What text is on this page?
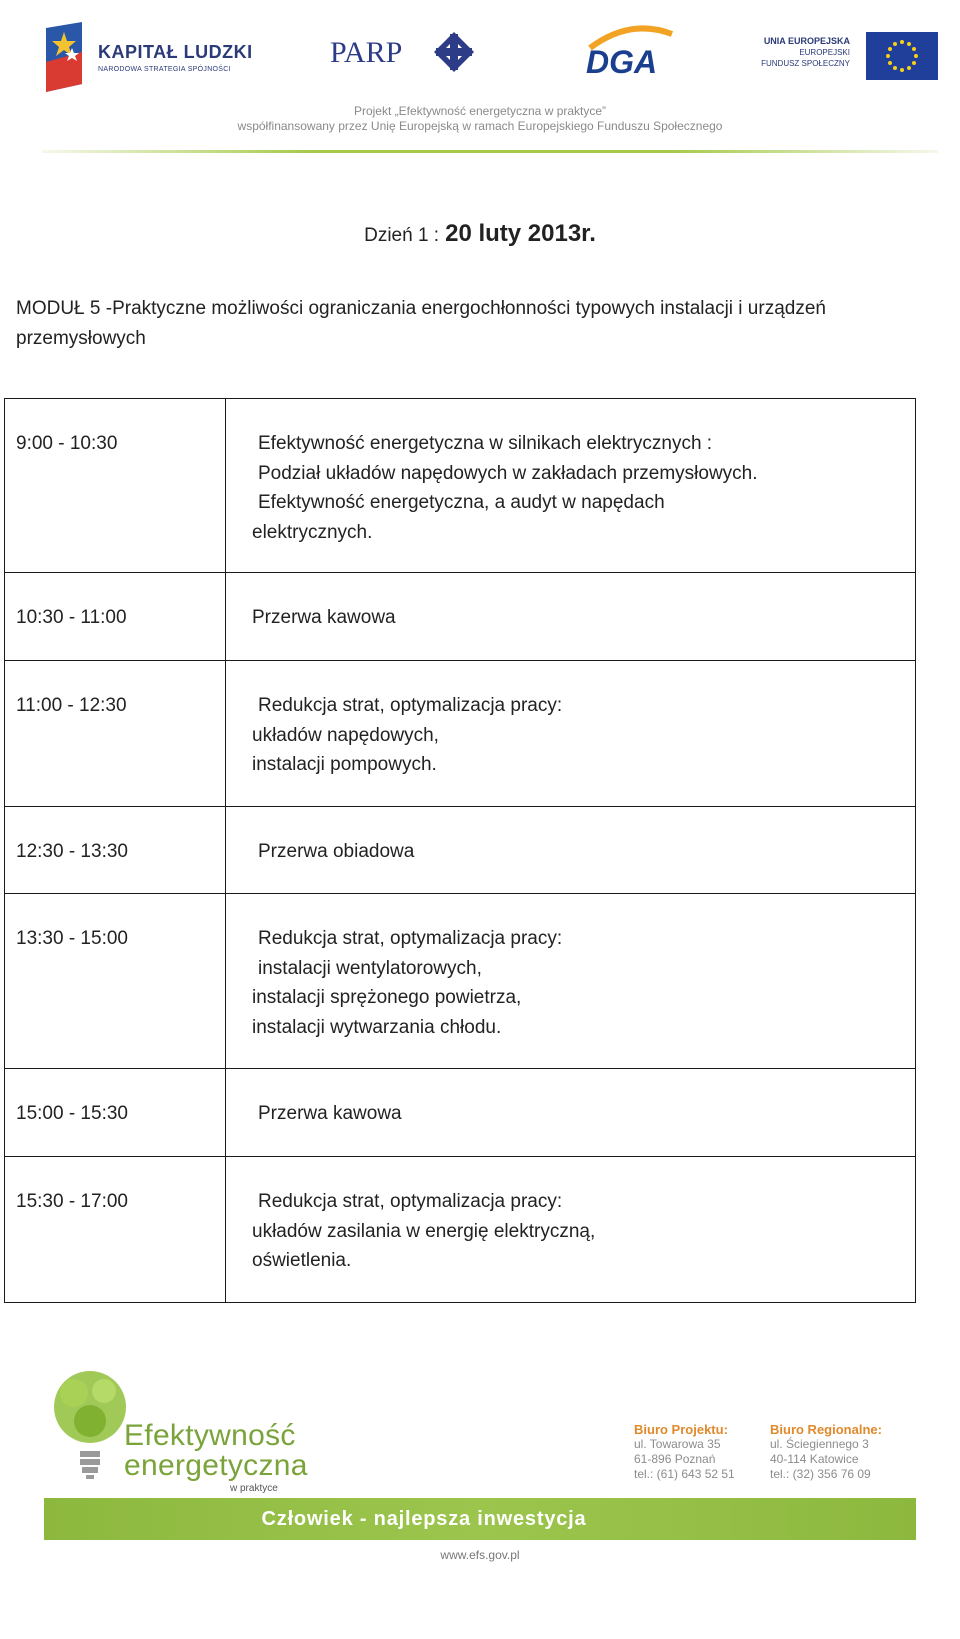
KAPITAŁ LUDZKI
NARODOWA STRATEGIA SPÓJNOŚCI
PARP	DGA
UNIA EUROPEJSKA
EUROPEJSKI
FUNDUSZ SPOŁECZNY
Projekt „Efektywność energetyczna w praktyce”
współfinansowany przez Unię Europejską w ramach Europejskiego Funduszu Społecznego
Dzień 1 : 20 luty 2013r.
MODUŁ 5 -Praktyczne możliwości ograniczania energochłonności typowych instalacji i urządzeń przemysłowych
9:00 - 10:30	Efektywność energetyczna w silnikach elektrycznych :
Podział układów napędowych w zakładach przemysłowych.
Efektywność energetyczna, a audyt w napędach
elektrycznych.

10:30 - 11:00	Przerwa kawowa

11:00 - 12:30	Redukcja strat, optymalizacja pracy:
układów napędowych,
instalacji pompowych.

12:30 - 13:30	Przerwa obiadowa

13:30 - 15:00	Redukcja strat, optymalizacja pracy:
instalacji wentylatorowych,
instalacji sprężonego powietrza,
instalacji wytwarzania chłodu.

15:00 - 15:30	Przerwa kawowa

15:30 - 17:00	Redukcja strat, optymalizacja pracy:
układów zasilania w energię elektryczną,
oświetlenia.
Efektywność
energetyczna
w praktyce
Biuro Projektu:
ul. Towarowa 35
61-896 Poznań
tel.: (61) 643 52 51
Biuro Regionalne:
ul. Ściegiennego 3
40-114 Katowice
tel.: (32) 356 76 09
Człowiek - najlepsza inwestycja
www.efs.gov.pl
